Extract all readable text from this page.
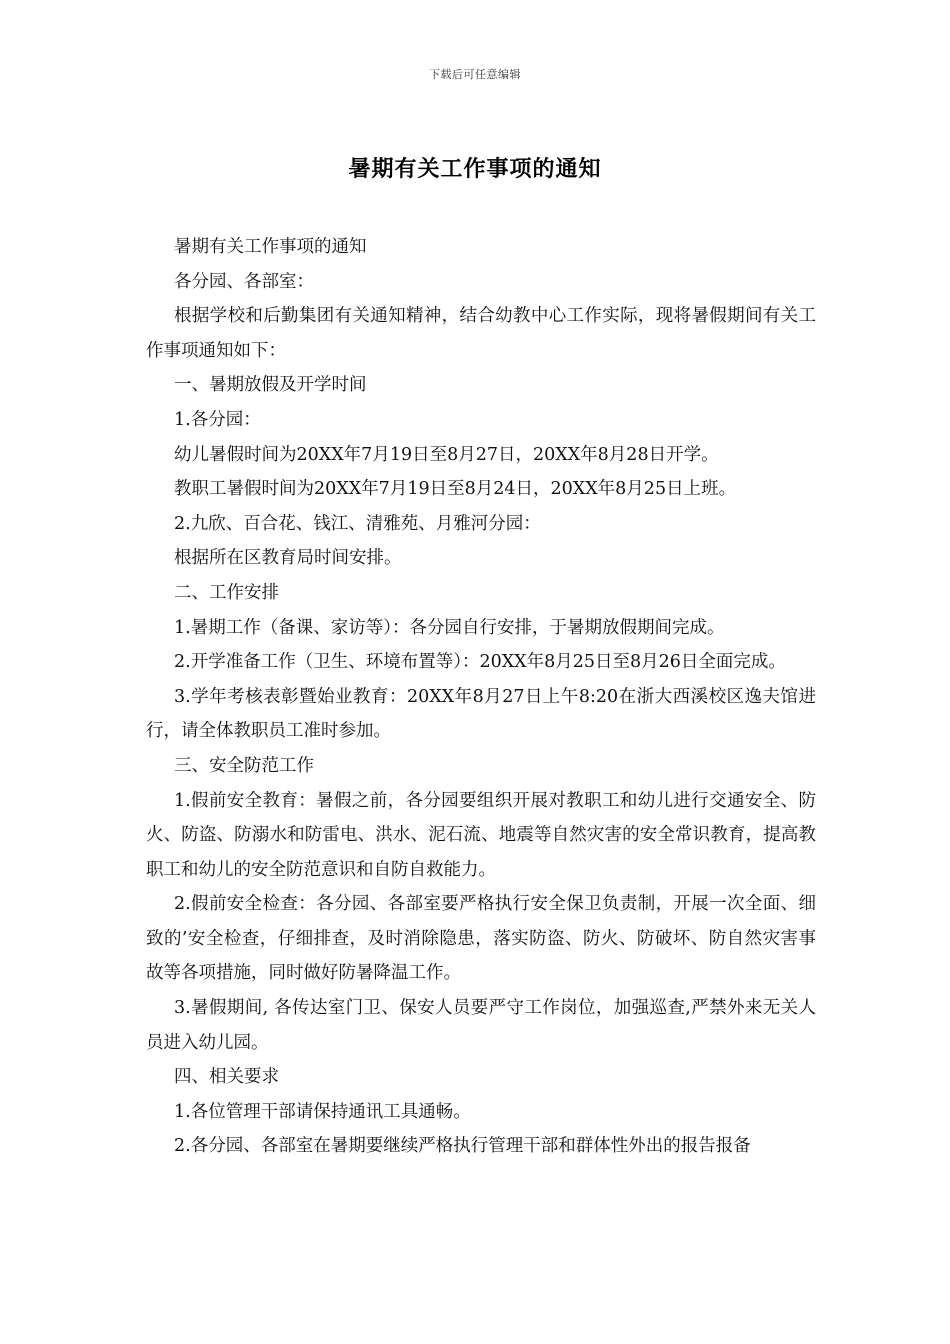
下载后可任意编辑
暑期有关工作事项的通知

暑期有关工作事项的通知

各分园、各部室：

根据学校和后勤集团有关通知精神，结合幼教中心工作实际，现将暑假期间有关工作事项通知如下：

一、暑期放假及开学时间

1.各分园：

幼儿暑假时间为20XX年7月19日至8月27日，20XX年8月28日开学。

教职工暑假时间为20XX年7月19日至8月24日，20XX年8月25日上班。

2.九欣、百合花、钱江、清雅苑、月雅河分园：

根据所在区教育局时间安排。

二、工作安排

1.暑期工作（备课、家访等）：各分园自行安排，于暑期放假期间完成。

2.开学准备工作（卫生、环境布置等）：20XX年8月25日至8月26日全面完成。

3.学年考核表彰暨始业教育：20XX年8月27日上午8:20在浙大西溪校区逸夫馆进行，请全体教职员工准时参加。

三、安全防范工作

1.假前安全教育：暑假之前，各分园要组织开展对教职工和幼儿进行交通安全、防火、防盗、防溺水和防雷电、洪水、泥石流、地震等自然灾害的安全常识教育，提高教职工和幼儿的安全防范意识和自防自救能力。

2.假前安全检查：各分园、各部室要严格执行安全保卫负责制，开展一次全面、细致的’安全检查，仔细排查，及时消除隐患，落实防盗、防火、防破坏、防自然灾害事故等各项措施，同时做好防暑降温工作。

3.暑假期间, 各传达室门卫、保安人员要严守工作岗位，加强巡查,严禁外来无关人员进入幼儿园。

四、相关要求

1.各位管理干部请保持通讯工具通畅。

2.各分园、各部室在暑期要继续严格执行管理干部和群体性外出的报告报备
